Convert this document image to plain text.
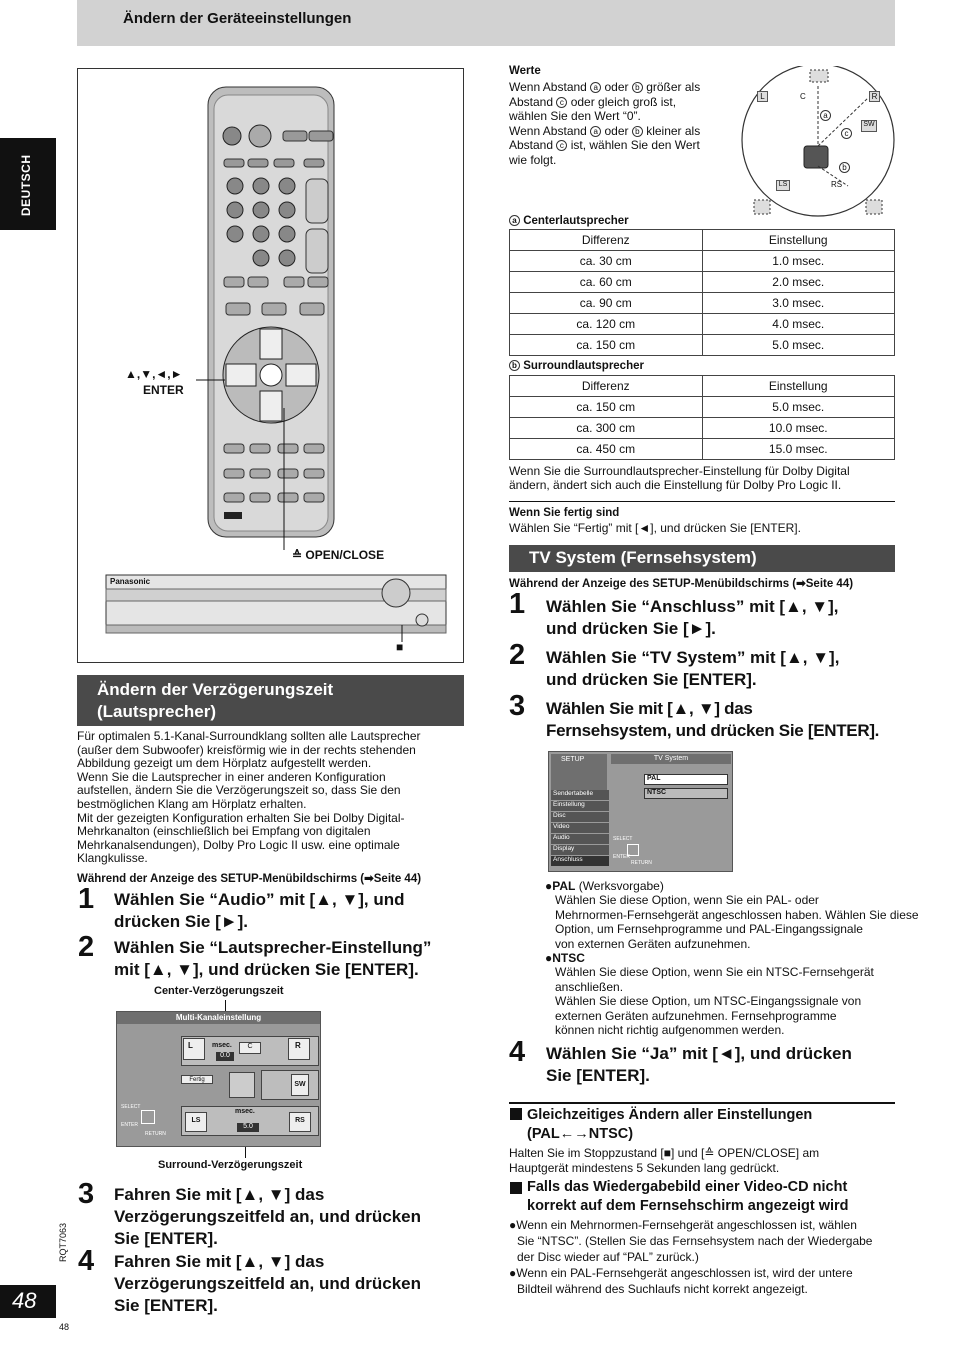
Ändern der Geräteeinstellungen
DEUTSCH
RQT7063
48
48
▲,▼,◄,►
ENTER
≙ OPEN/CLOSE
■
Panasonic
Ändern der Verzögerungszeit
(Lautsprecher)
Für optimalen 5.1-Kanal-Surroundklang sollten alle Lautsprecher
(außer dem Subwoofer) kreisförmig wie in der rechts stehenden
Abbildung gezeigt um dem Hörplatz aufgestellt werden.
Wenn Sie die Lautsprecher in einer anderen Konfiguration
aufstellen, ändern Sie die Verzögerungszeit so, dass Sie den
bestmöglichen Klang am Hörplatz erhalten.
Mit der gezeigten Konfiguration erhalten Sie bei Dolby Digital-
Mehrkanalton (einschließlich bei Empfang von digitalen
Mehrkanalsendungen), Dolby Pro Logic II usw. eine optimale
Klangkulisse.
Während der Anzeige des SETUP-Menübildschirms (➡Seite 44)
1 Wählen Sie “Audio” mit [▲, ▼], und
drücken Sie [►].
2 Wählen Sie “Lautsprecher-Einstellung”
mit [▲, ▼], und drücken Sie [ENTER].
Center-Verzögerungszeit
Surround-Verzögerungszeit
Multi-Kanaleinstellung
L	msec.
0.0
C	R
Fertig
SW
LS
msec.
5.0
RS
SELECT
ENTER
RETURN
3 Fahren Sie mit [▲, ▼] das
Verzögerungszeitfeld an, und drücken
Sie [ENTER].
4 Fahren Sie mit [▲, ▼] das
Verzögerungszeitfeld an, und drücken
Sie [ENTER].
Werte
Wenn Abstand a oder b größer als
Abstand c oder gleich groß ist,
wählen Sie den Wert “0”.
Wenn Abstand a oder b kleiner als
Abstand c ist, wählen Sie den Wert
wie folgt.
L	C	R
SW
LS	RS
a
c
b
a Centerlautsprecher
Differenz	Einstellung
ca. 30 cm	1.0 msec.
ca. 60 cm	2.0 msec.
ca. 90 cm	3.0 msec.
ca. 120 cm	4.0 msec.
ca. 150 cm	5.0 msec.
b Surroundlautsprecher
Differenz	Einstellung
ca. 150 cm	5.0 msec.
ca. 300 cm	10.0 msec.
ca. 450 cm	15.0 msec.
Wenn Sie die Surroundlautsprecher-Einstellung für Dolby Digital
ändern, ändert sich auch die Einstellung für Dolby Pro Logic II.
Wenn Sie fertig sind
Wählen Sie “Fertig” mit [◄], und drücken Sie [ENTER].
TV System (Fernsehsystem)
Während der Anzeige des SETUP-Menübildschirms (➡Seite 44)
1 Wählen Sie “Anschluss” mit [▲, ▼],
und drücken Sie [►].
2 Wählen Sie “TV System” mit [▲, ▼],
und drücken Sie [ENTER].
3 Wählen Sie mit [▲, ▼] das
Fernsehsystem, und drücken Sie [ENTER].
SETUP	TV System
PAL
NTSC
Sendertabelle
Einstellung
Disc
Video
Audio
Display
Anschluss
SELECT
ENTER
RETURN
●PAL (Werksvorgabe)
Wählen Sie diese Option, wenn Sie ein PAL- oder
Mehrnormen-Fernsehgerät angeschlossen haben. Wählen Sie diese
Option, um Fernsehprogramme und PAL-Eingangssignale
von externen Geräten aufzunehmen.
●NTSC
Wählen Sie diese Option, wenn Sie ein NTSC-Fernsehgerät
anschließen.
Wählen Sie diese Option, um NTSC-Eingangssignale von
externen Geräten aufzunehmen. Fernsehprogramme
können nicht richtig aufgenommen werden.
4 Wählen Sie “Ja” mit [◄], und drücken
Sie [ENTER].
Gleichzeitiges Ändern aller Einstellungen
(PAL←→NTSC)
Halten Sie im Stoppzustand [■] und [≙ OPEN/CLOSE] am
Hauptgerät mindestens 5 Sekunden lang gedrückt.
Falls das Wiedergabebild einer Video-CD nicht
korrekt auf dem Fernsehschirm angezeigt wird
●Wenn ein Mehrnormen-Fernsehgerät angeschlossen ist, wählen
Sie “NTSC”. (Stellen Sie das Fernsehsystem nach der Wiedergabe
der Disc wieder auf “PAL” zurück.)
●Wenn ein PAL-Fernsehgerät angeschlossen ist, wird der untere
Bildteil während des Suchlaufs nicht korrekt angezeigt.
